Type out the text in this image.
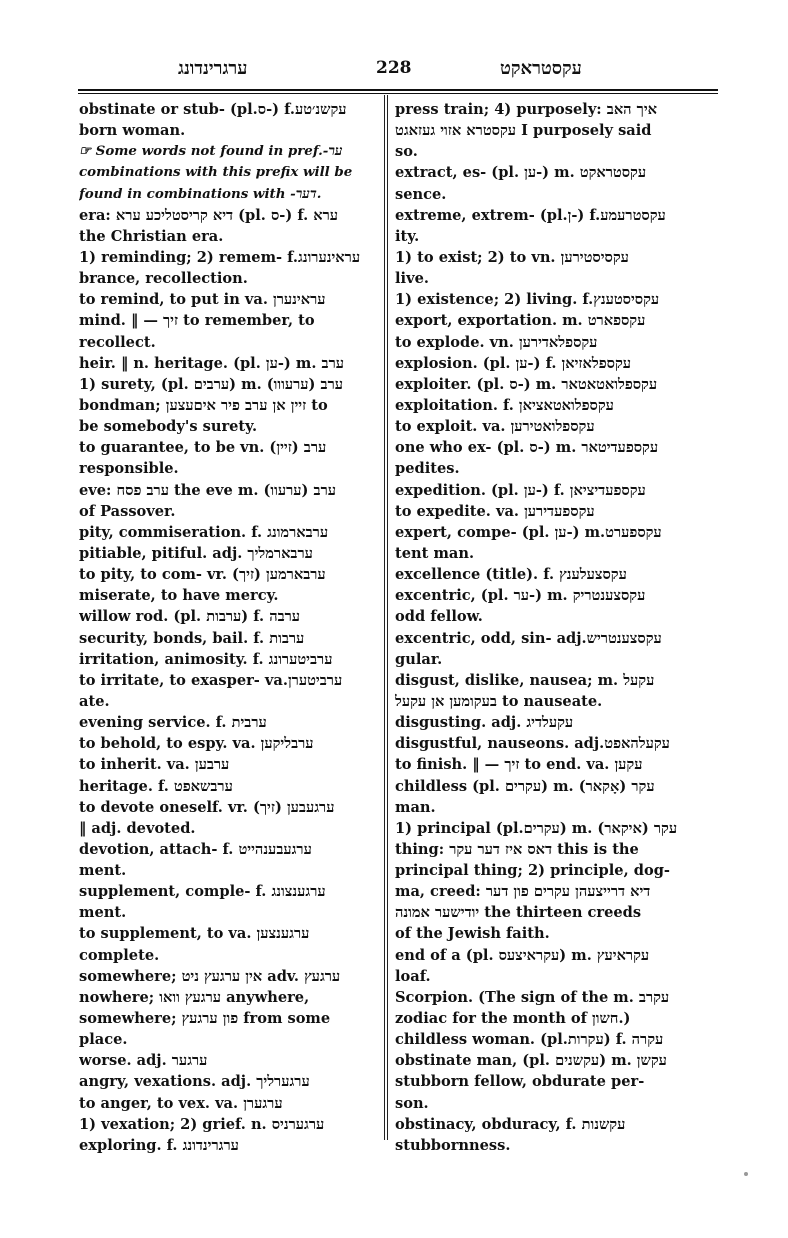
ערגרינדונג	228	עקסטראקט
obstinate or stub- (pl.ס-) f.עקשנ׳טע
born woman.
☞ Some words not found in pref.-ער
combinations with this prefix will be
found in combinations with -דער.
era: דיא קריסטליכע ערא (pl. ס-) f. ערא
the Christian era.
1) reminding; 2) remem- f.עראינערונג
brance, recollection.
to remind, to put in va. עראינערן
mind. ‖ — זיך to remember, to
recollect.
heir. ‖ n. heritage. (pl. ען-) m. ערב
1) surety, (pl. ערבים) m. (ערעווו) ערב
bondman; זיין אן ערב פיר איםעצען to
be somebody's surety.
to guarantee, to be vn. (זיין) ערב
responsible.
eve: ערב פסח the eve m. (ערעוו) ערב
of Passover.
pity, commiseration. f. ערבארמונג
pitiable, pitiful. adj. ערבארמליך
to pity, to com- vr. (זיך) ערבארמען
miserate, to have mercy.
willow rod. (pl. ערבות) f. ערבה
security, bonds, bail. f. ערבות
irritation, animosity. f. ערביטערונג
to irritate, to exasper- va.ערביטערן
ate.
evening service. f. ערבית
to behold, to espy. va. ערבליקען
to inherit. va. ערבען
heritage. f. ערבשאפט
to devote oneself. vr. (זיך) ערגעבען
‖ adj. devoted.
devotion, attach- f. ערגעבענהייט
ment.
supplement, comple- f. ערגענצונג
ment.
to supplement, to va. ערגענצען
complete.
somewhere; אין ערגעץ ניט adv. ערגעץ
nowhere; ערגעץ וואו anywhere,
somewhere; פון ערגעץ from some
place.
worse. adj. ערגער
angry, vexations. adj. ערגערליך
to anger, to vex. va. ערגערן
1) vexation; 2) grief. n. ערגערניס
exploring. f. ערגרינדונג
press train; 4) purposely: איך האב
עקסטרא אזוי געזאגט I purposely said
so.
extract, es- (pl. ען-) m. עקסטראקט
sence.
extreme, extrem- (pl.ן-) f.עקסטרעמע
ity.
1) to exist; 2) to vn. עקסיסטירען
live.
1) existence; 2) living. f.עקסיסטענץ
export, exportation. m. עקספארט
to explode. vn. עקספלאדירען
explosion. (pl. ען-) f. עקספלאזיאן
exploiter. (pl. ס-) m. עקספלואטאטאר
exploitation. f. עקספלואטאציאן
to exploit. va. עקספלואטירען
one who ex- (pl. ס-) m. עקספעדיטאר
pedites.
expedition. (pl. ען-) f. עקספעדיציאן
to expedite. va. עקספעדירען
expert, compe- (pl. ען-) m.עקספערט
tent man.
excellence (title). f. עקסצעלענץ
excentric, (pl. ער-) m. עקסצענטריק
odd fellow.
excentric, odd, sin- adj.עקסצענטריש
gular.
disgust, dislike, nausea; m. עקעל
בעקומען אן עקעל to nauseate.
disgusting. adj. עקעלדיג
disgustful, nauseons. adj.עקעלהאפט
to finish. ‖ — זיך to end. va. עקען
childless (pl. עקרים) m. (אָקאר) עקר
man.
1) principal (pl.עקרים) m. (איקאר) עקר
thing: דאס איז דער עקר this is the
principal thing; 2) principle, dog-
ma, creed: דיא דרייצעהן עקרים פון דער
יודישער אמונה the thirteen creeds
of the Jewish faith.
end of a (pl. עקראיצעס) m. עקראיעץ
loaf.
Scorpion. (The sign of the m. עקרב
zodiac for the month of חשון.)
childless woman. (pl.עקרות) f. עקרה
obstinate man, (pl. עקשנים) m. עקשן
stubborn fellow, obdurate per-
son.
obstinacy, obduracy, f. עקשנות
stubbornness.
